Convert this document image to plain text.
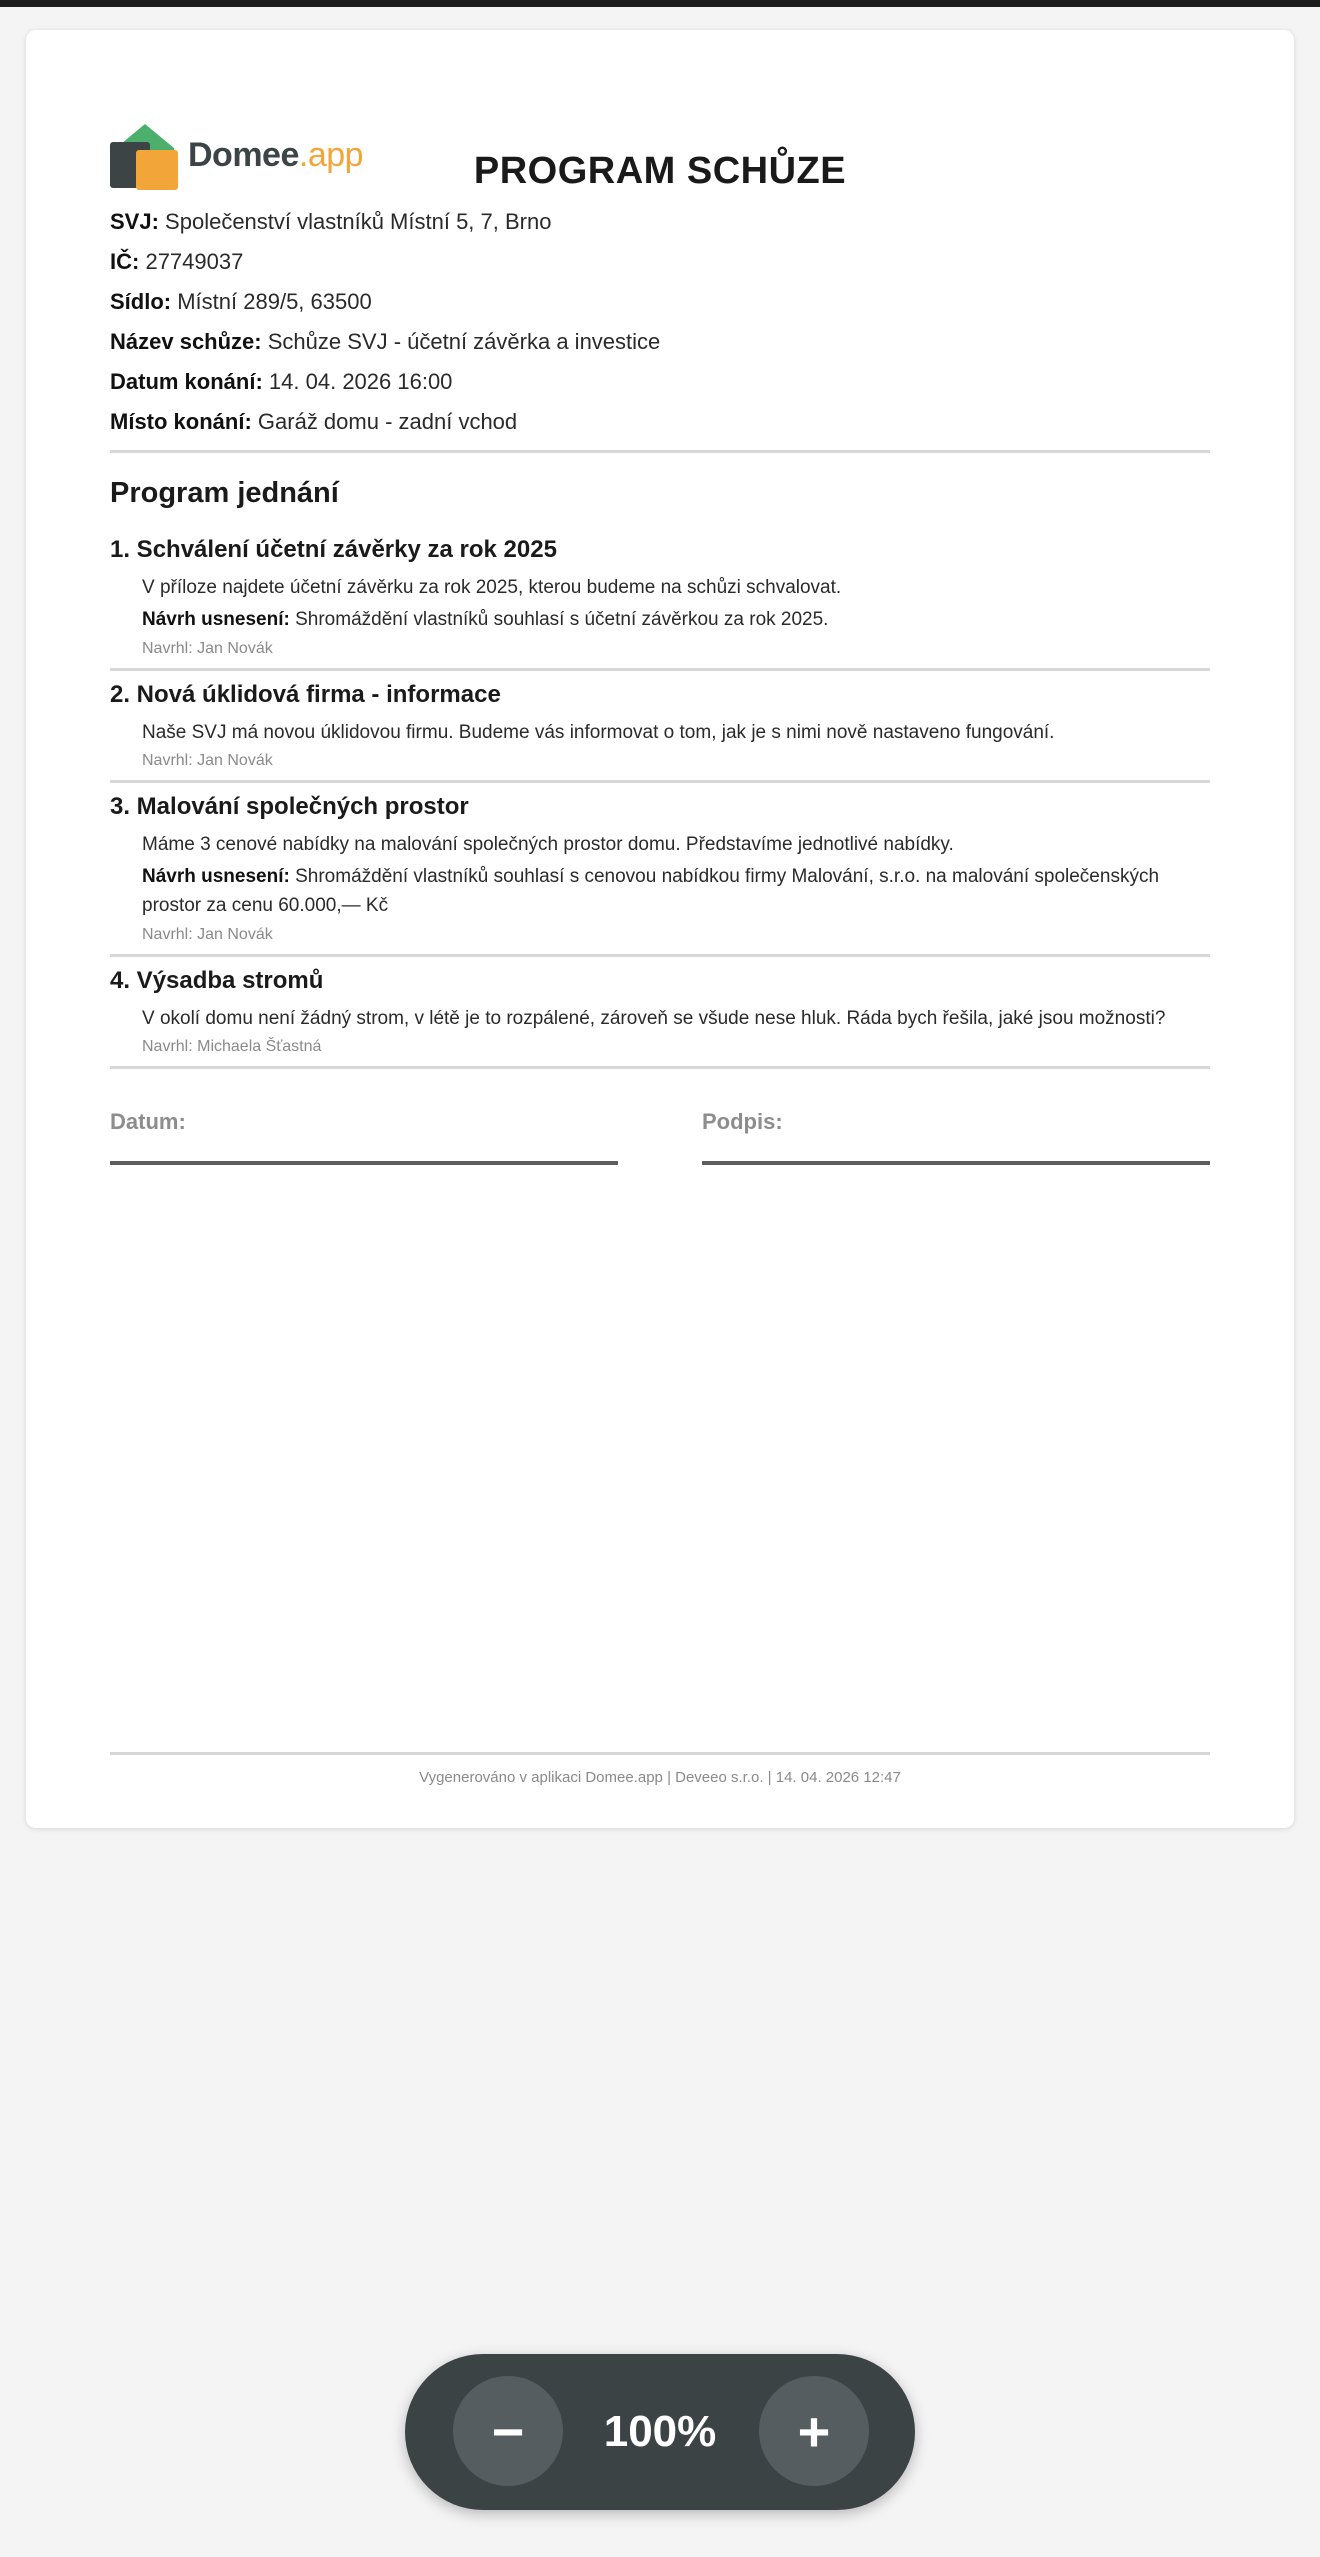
Domee.app	PROGRAM SCHŮZE
SVJ: Společenství vlastníků Místní 5, 7, Brno
IČ: 27749037
Sídlo: Místní 289/5, 63500
Název schůze: Schůze SVJ - účetní závěrka a investice
Datum konání: 14. 04. 2026 16:00
Místo konání: Garáž domu - zadní vchod
Program jednání
1. Schválení účetní závěrky za rok 2025
V příloze najdete účetní závěrku za rok 2025, kterou budeme na schůzi schvalovat.
Návrh usnesení: Shromáždění vlastníků souhlasí s účetní závěrkou za rok 2025.
Navrhl: Jan Novák
2. Nová úklidová firma - informace
Naše SVJ má novou úklidovou firmu. Budeme vás informovat o tom, jak je s nimi nově nastaveno fungování.
Navrhl: Jan Novák
3. Malování společných prostor
Máme 3 cenové nabídky na malování společných prostor domu. Představíme jednotlivé nabídky.
Návrh usnesení: Shromáždění vlastníků souhlasí s cenovou nabídkou firmy Malování, s.r.o. na malování společenských prostor za cenu 60.000,— Kč
Navrhl: Jan Novák
4. Výsadba stromů
V okolí domu není žádný strom, v létě je to rozpálené, zároveň se všude nese hluk. Ráda bych řešila, jaké jsou možnosti?
Navrhl: Michaela Šťastná
Datum:	Podpis:
Vygenerováno v aplikaci Domee.app | Deveeo s.r.o. | 14. 04. 2026 12:47
−	100%	+
